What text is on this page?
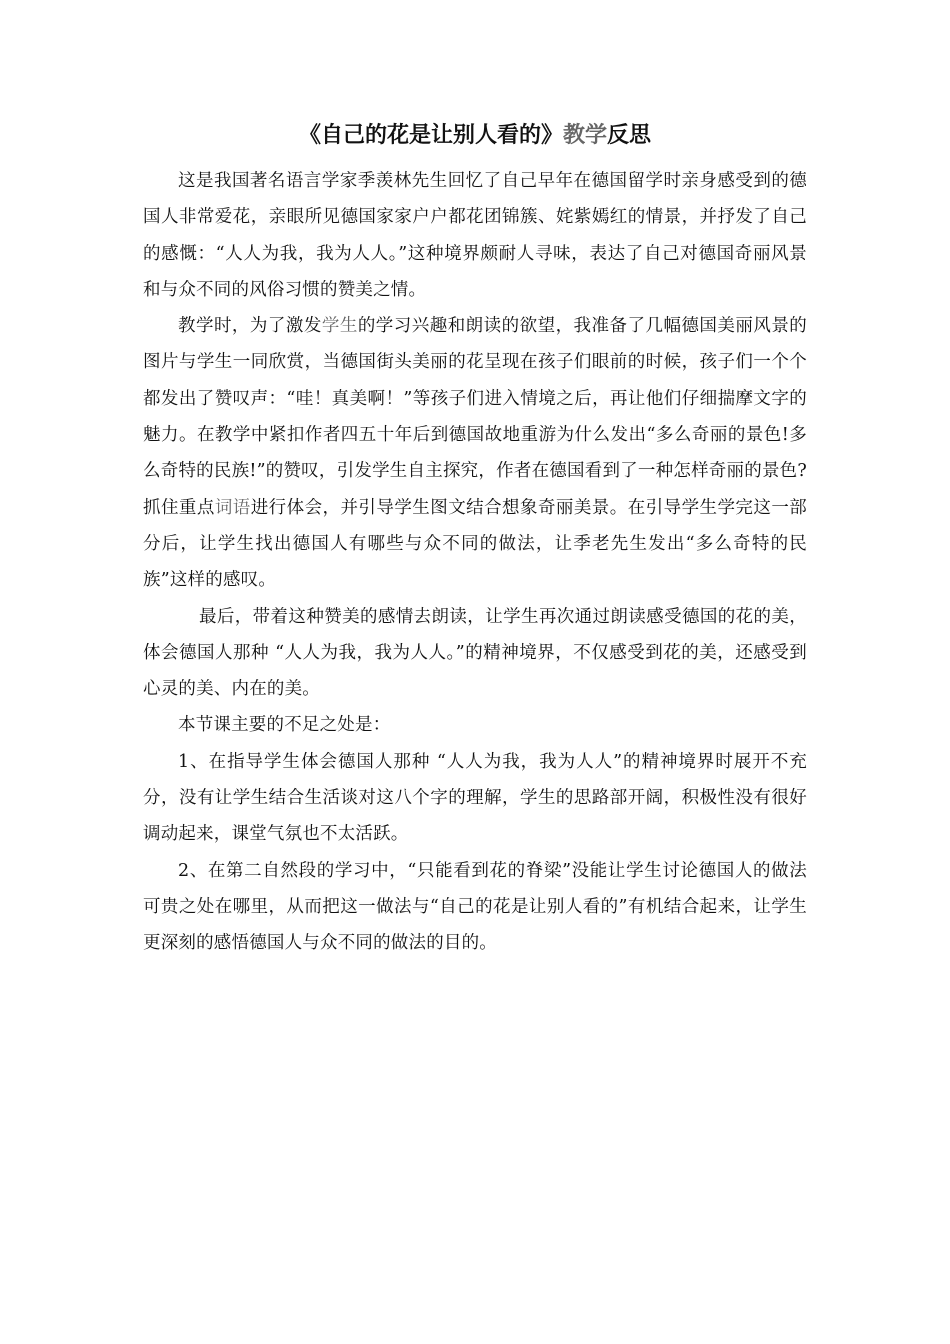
《自己的花是让别人看的》教学反思

这是我国著名语言学家季羡林先生回忆了自己早年在德国留学时亲身感受到的德国人非常爱花，亲眼所见德国家家户户都花团锦簇、姹紫嫣红的情景，并抒发了自己的感慨：“人人为我，我为人人。”这种境界颇耐人寻味，表达了自己对德国奇丽风景和与众不同的风俗习惯的赞美之情。

教学时，为了激发学生的学习兴趣和朗读的欲望，我准备了几幅德国美丽风景的图片与学生一同欣赏，当德国街头美丽的花呈现在孩子们眼前的时候，孩子们一个个都发出了赞叹声：“哇！真美啊！”等孩子们进入情境之后，再让他们仔细揣摩文字的魅力。在教学中紧扣作者四五十年后到德国故地重游为什么发出“多么奇丽的景色!多么奇特的民族!”的赞叹，引发学生自主探究，作者在德国看到了一种怎样奇丽的景色?抓住重点词语进行体会，并引导学生图文结合想象奇丽美景。在引导学生学完这一部分后，让学生找出德国人有哪些与众不同的做法，让季老先生发出“多么奇特的民族”这样的感叹。

最后，带着这种赞美的感情去朗读，让学生再次通过朗读感受德国的花的美，体会德国人那种 “人人为我，我为人人。”的精神境界，不仅感受到花的美，还感受到心灵的美、内在的美。

本节课主要的不足之处是：

1、在指导学生体会德国人那种 “人人为我，我为人人”的精神境界时展开不充分，没有让学生结合生活谈对这八个字的理解，学生的思路部开阔，积极性没有很好调动起来，课堂气氛也不太活跃。

2、在第二自然段的学习中，“只能看到花的脊梁”没能让学生讨论德国人的做法可贵之处在哪里，从而把这一做法与“自己的花是让别人看的”有机结合起来，让学生更深刻的感悟德国人与众不同的做法的目的。
